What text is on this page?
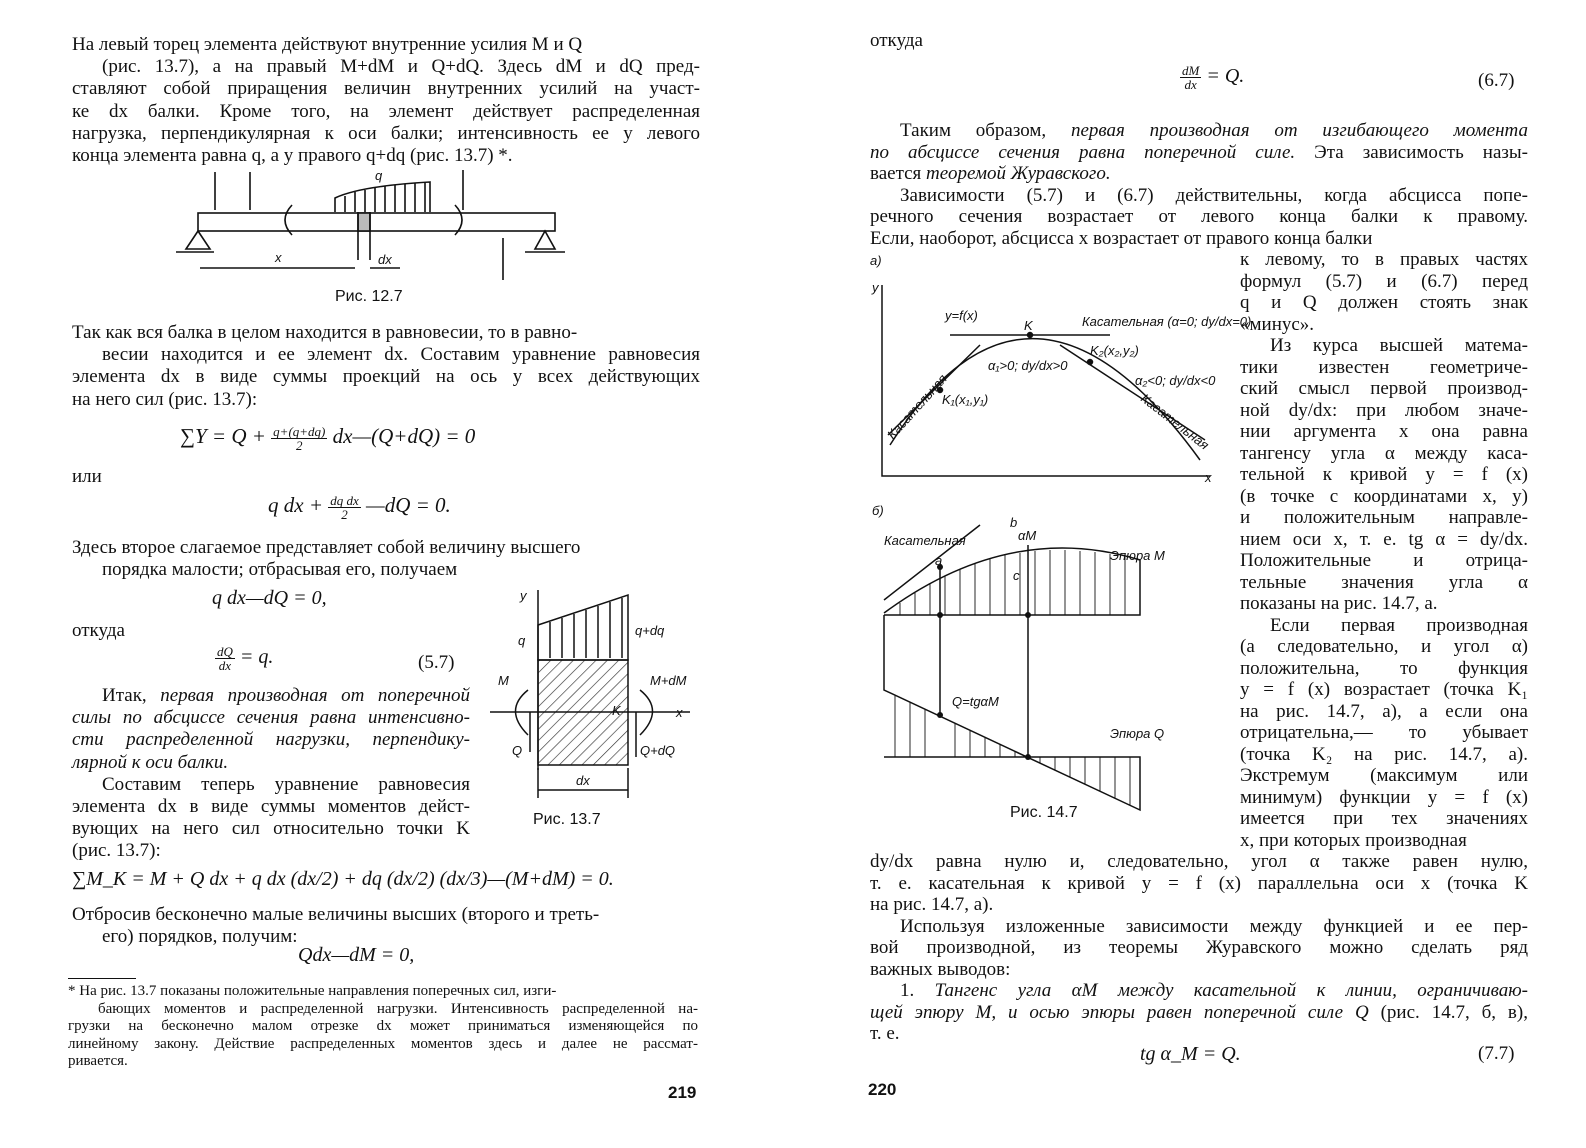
На левый торец элемента действуют внутренние усилия M и Q
(рис. 13.7), а на правый M+dM и Q+dQ. Здесь dM и dQ пред-
ставляют собой приращения величин внутренних усилий на участ-
ке dx балки. Кроме того, на элемент действует распределенная
нагрузка, перпендикулярная к оси балки; интенсивность ее у левого
конца элемента равна q, а у правого q+dq (рис. 13.7) *.
q
x	dx
Рис. 12.7
Так как вся балка в целом находится в равновесии, то в равно-
весии находится и ее элемент dx. Составим уравнение равновесия
элемента dx в виде суммы проекций на ось y всех действующих
на него сил (рис. 13.7):
$\sum Y = Q + \frac{q+(q+dq)}{2}$ dx—(Q+dQ) = 0
или
q dx + $\frac{\text{dq dx}}{2}$ —dQ = 0.
Здесь второе слагаемое представляет собой величину высшего
порядка малости; отбрасывая его, получаем
q dx—dQ = 0,
откуда
$\frac{dQ}{dx} = q$.	(5.7)
Итак, первая производная от поперечной
силы по абсциссе сечения равна интенсивно-
сти распределенной нагрузки, перпендику-
лярной к оси балки.
Составим теперь уравнение равновесия
элемента dx в виде суммы моментов дейст-
вующих на него сил относительно точки K
(рис. 13.7):
y
q
q+dq
M	M+dM
Q	Q+dQ
K	x
dx
Рис. 13.7
∑M_K = M + Q dx + q dx (dx/2) + dq (dx/2) (dx/3)—(M+dM) = 0.
Отбросив бесконечно малые величины высших (второго и треть-
его) порядков, получим:
Qdx—dM = 0,
* На рис. 13.7 показаны положительные направления поперечных сил, изги-
бающих моментов и распределенной нагрузки. Интенсивность распределенной на-
грузки на бесконечно малом отрезке dx может приниматься изменяющейся по
линейному закону. Действие распределенных моментов здесь и далее не рассмат-
ривается.
219
откуда
$\frac{dM}{dx} = Q$.	(6.7)
Таким образом, первая производная от изгибающего момента
по абсциссе сечения равна поперечной силе. Эта зависимость назы-
вается теоремой Журавского.
Зависимости (5.7) и (6.7) действительны, когда абсцисса попе-
речного сечения возрастает от левого конца балки к правому.
Если, наоборот, абсцисса x возрастает от правого конца балки
к левому, то в правых частях
формул (5.7) и (6.7) перед
q и Q должен стоять знак
«минус».
Из курса высшей матема-
тики известен геометриче-
ский смысл первой производ-
ной dy/dx: при любом значе-
нии аргумента x она равна
тангенсу угла α между каса-
тельной к кривой y = f (x)
(в точке с координатами x, y)
и положительным направле-
нием оси x, т. е. tg α = dy/dx.
Положительные и отрица-
тельные значения угла α
показаны на рис. 14.7, а.
Если первая производная
(а следовательно, и угол α)
положительна, то функция
y = f (x) возрастает (точка K₁
на рис. 14.7, а), а если она
отрицательна,— то убывает
(точка K₂ на рис. 14.7, а).
Экстремум (максимум или
минимум) функции y = f (x)
имеется при тех значениях
x, при которых производная
dy/dx равна нулю и, следовательно, угол α также равен нулю,
т. е. касательная к кривой y = f (x) параллельна оси x (точка K
на рис. 14.7, а).
Используя изложенные зависимости между функцией и ее пер-
вой производной, из теоремы Журавского можно сделать ряд
важных выводов:
1. Тангенс угла αM между касательной к линии, ограничиваю-
щей эпюру M, и осью эпюры равен поперечной силе Q (рис. 14.7, б, в),
т. е.
tg α_M = Q.	(7.7)
220
а)
y
x
y=f(x)
K	Касательная (α=0; dy/dx=0)
K₁(x₁,y₁)
K₂(x₂,y₂)
α₁>0; dy/dx>0
α₂<0; dy/dx<0
Касательная	Касательная
б)
Касательная
a
b
c
αM
Эпюра M
Эпюра Q
Q=tgαM
Рис. 14.7
